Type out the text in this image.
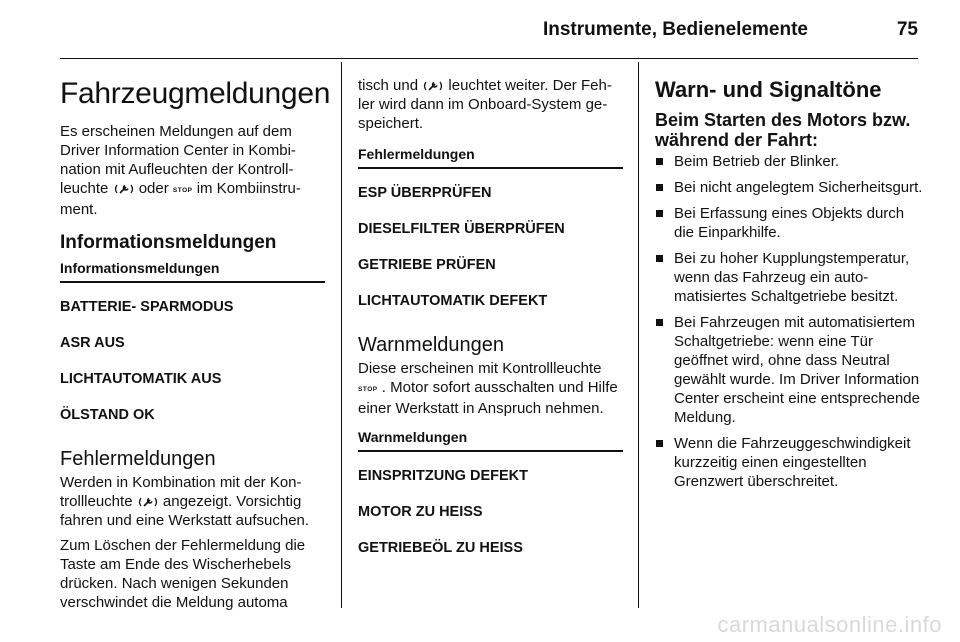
Instrumente, Bedienelemente	75
Fahrzeugmeldungen

Es erscheinen Meldungen auf dem Driver Information Center in Kombination mit Aufleuchten der Kontrollleuchte oder STOP im Kombiinstrument.

Informationsmeldungen
Informationsmeldungen
BATTERIE- SPARMODUS
ASR AUS
LICHTAUTOMATIK AUS
ÖLSTAND OK
Fehlermeldungen

Werden in Kombination mit der Kontrollleuchte angezeigt. Vorsichtig fahren und eine Werkstatt aufsuchen.

Zum Löschen der Fehlermeldung die Taste am Ende des Wischerhebels drücken. Nach wenigen Sekunden verschwindet die Meldung automa

tisch und leuchtet weiter. Der Fehler wird dann im Onboard-System gespeichert.

Fehlermeldungen
ESP ÜBERPRÜFEN
DIESELFILTER ÜBERPRÜFEN
GETRIEBE PRÜFEN
LICHTAUTOMATIK DEFEKT
Warnmeldungen

Diese erscheinen mit Kontrollleuchte STOP . Motor sofort ausschalten und Hilfe einer Werkstatt in Anspruch nehmen.

Warnmeldungen
EINSPRITZUNG DEFEKT
MOTOR ZU HEISS
GETRIEBEÖL ZU HEISS
Warn- und Signaltöne
Beim Starten des Motors bzw. während der Fahrt:
Beim Betrieb der Blinker.
Bei nicht angelegtem Sicherheitsgurt.
Bei Erfassung eines Objekts durch die Einparkhilfe.
Bei zu hoher Kupplungstemperatur, wenn das Fahrzeug ein automatisiertes Schaltgetriebe besitzt.
Bei Fahrzeugen mit automatisiertem Schaltgetriebe: wenn eine Tür geöffnet wird, ohne dass Neutral gewählt wurde. Im Driver Information Center erscheint eine entsprechende Meldung.
Wenn die Fahrzeuggeschwindigkeit kurzzeitig einen eingestellten Grenzwert überschreitet.
carmanualsonline.info
